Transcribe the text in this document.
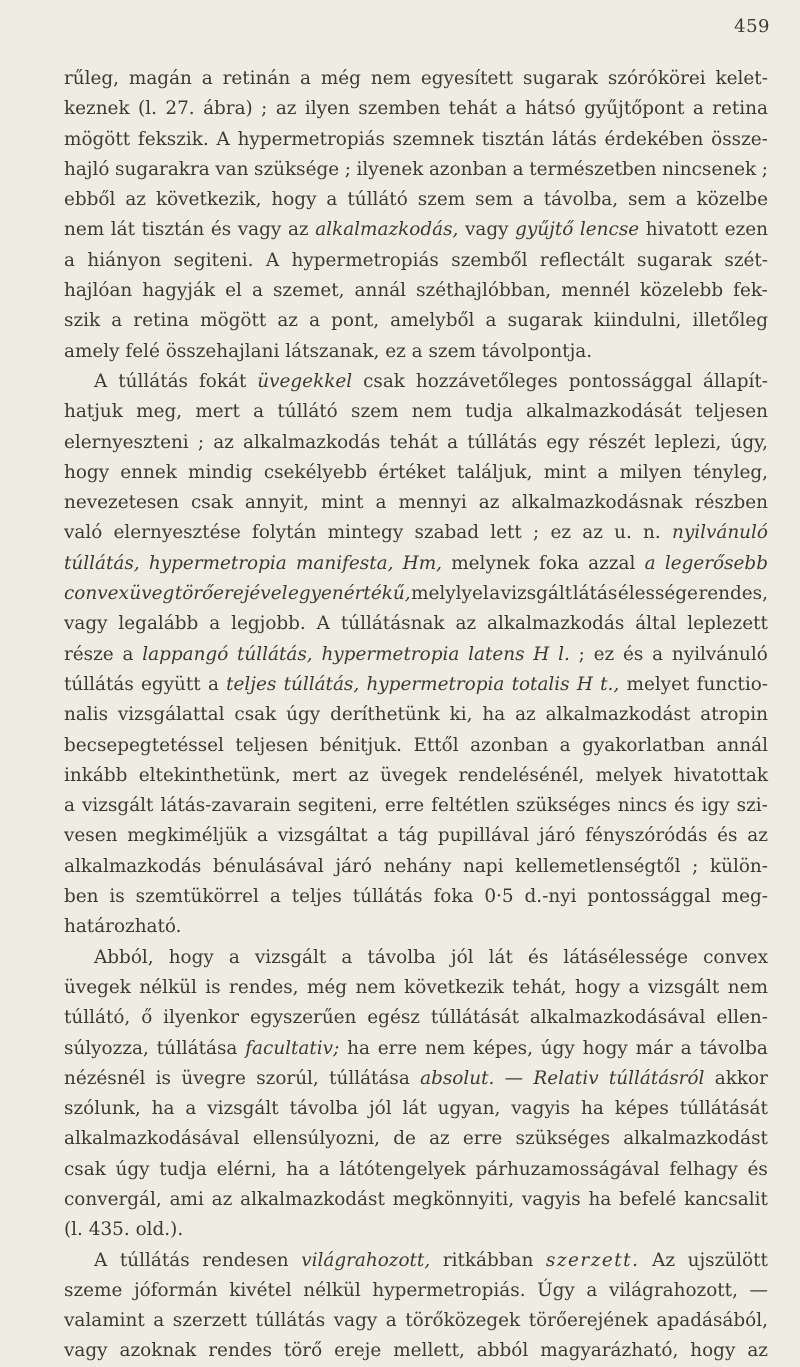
459
rűleg, magán a retinán a még nem egyesített sugarak szórókörei kelet-
keznek (l. 27. ábra) ; az ilyen szemben tehát a hátsó gyűjtőpont a retina
mögött fekszik. A hypermetropiás szemnek tisztán látás érdekében össze-
hajló sugarakra van szüksége ; ilyenek azonban a természetben nincsenek ;
ebből az következik, hogy a túllátó szem sem a távolba, sem a közelbe
nem lát tisztán és vagy az alkalmazkodás, vagy gyűjtő lencse hivatott ezen
a hiányon segiteni. A hypermetropiás szemből reflectált sugarak szét-
hajlóan hagyják el a szemet, annál széthajlóbban, mennél közelebb fek-
szik a retina mögött az a pont, amelyből a sugarak kiindulni, illetőleg
amely
felé
összehajlani
látszanak,
ez
a
szem
távolpontja.

A túllátás fokát üvegekkel csak hozzávetőleges pontossággal állapít-
hatjuk meg, mert a túllátó szem nem tudja alkalmazkodását teljesen
elernyeszteni ; az alkalmazkodás tehát a túllátás egy részét leplezi, úgy,
hogy ennek mindig csekélyebb értéket találjuk, mint a milyen tényleg,
nevezetesen csak annyit, mint a mennyi az alkalmazkodásnak részben
való elernyesztése folytán mintegy szabad lett ; ez az u. n. nyilvánuló
túllátás, hypermetropia manifesta, Hm, melynek foka azzal a legerősebb
convex üveg törőerejével egyenértékű, melylyel a vizsgált látás élessége rendes,
vagy legalább a legjobb. A túllátásnak az alkalmazkodás által leplezett
része a lappangó túllátás, hypermetropia latens H l. ; ez és a nyilvánuló
túllátás együtt a teljes túllátás, hypermetropia totalis H t., melyet functio-
nalis vizsgálattal csak úgy deríthetünk ki, ha az alkalmazkodást atropin
becsepegtetéssel teljesen bénitjuk. Ettől azonban a gyakorlatban annál
inkább eltekinthetünk, mert az üvegek rendelésénél, melyek hivatottak
a vizsgált látás-zavarain segiteni, erre feltétlen szükséges nincs és igy szi-
vesen megkiméljük a vizsgáltat a tág pupillával járó fényszóródás és az
alkalmazkodás bénulásával járó nehány napi kellemetlenségtől ; külön-
ben is szemtükörrel a teljes túllátás foka 0·5 d.-nyi pontossággal meg-
határozható.

Abból, hogy a vizsgált a távolba jól lát és látásélessége convex
üvegek nélkül is rendes, még nem következik tehát, hogy a vizsgált nem
túllátó, ő ilyenkor egyszerűen egész túllátását alkalmazkodásával ellen-
súlyozza, túllátása facultativ; ha erre nem képes, úgy hogy már a távolba
nézésnél is üvegre szorúl, túllátása absolut. — Relativ túllátásról akkor
szólunk, ha a vizsgált távolba jól lát ugyan, vagyis ha képes túllátását
alkalmazkodásával ellensúlyozni, de az erre szükséges alkalmazkodást
csak úgy tudja elérni, ha a látótengelyek párhuzamosságával felhagy és
convergál, ami az alkalmazkodást megkönnyiti, vagyis ha befelé kancsalit
(l.
435.
old.).

A túllátás rendesen világrahozott, ritkábban szerzett. Az ujszülött
szeme jóformán kivétel nélkül hypermetropiás. Úgy a világrahozott, —
valamint a szerzett túllátás vagy a törőközegek törőerejének apadásából,
vagy azoknak rendes törő ereje mellett, abból magyarázható, hogy az
